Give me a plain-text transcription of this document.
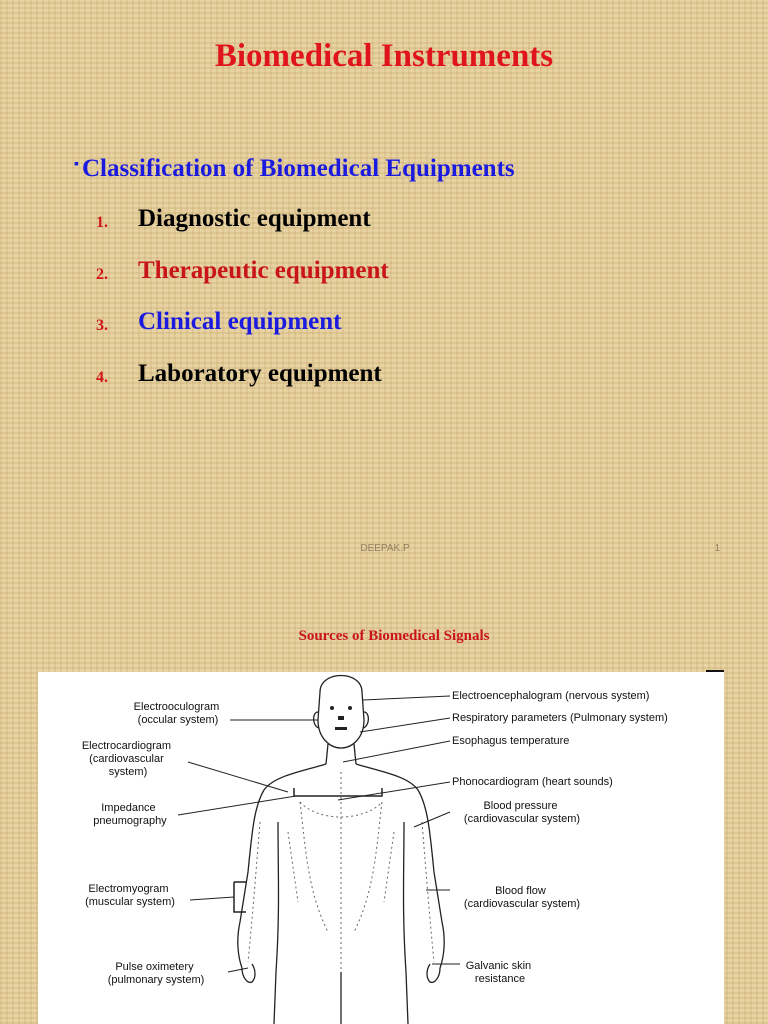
Biomedical Instruments
▪ Classification of Biomedical Equipments
1.	Diagnostic equipment
2.	Therapeutic equipment
3.	Clinical equipment
4.	Laboratory equipment
DEEPAK.P	1
Sources of Biomedical Signals
Electrooculogram (occular system)
Electrocardiogram (cardiovascular system)
Impedance pneumography
Electromyogram (muscular system)
Pulse oximetery (pulmonary system)
Electroencephalogram (nervous system)
Respiratory parameters (Pulmonary system)
Esophagus temperature
Phonocardiogram (heart sounds)
Blood pressure (cardiovascular system)
Blood flow (cardiovascular system)
Galvanic skin resistance
